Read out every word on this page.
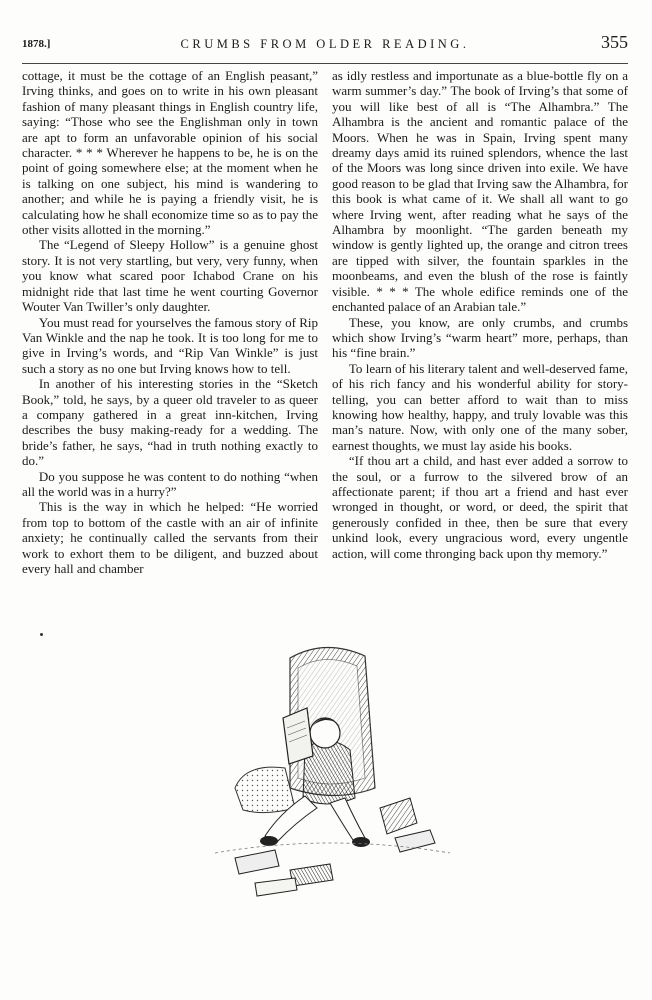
1878.]	CRUMBS FROM OLDER READING.	355

cottage, it must be the cottage of an English peasant,” Irving thinks, and goes on to write in his own pleasant fashion of many pleasant things in English country life, saying: “Those who see the Englishman only in town are apt to form an unfavorable opinion of his social character. * * * Wherever he happens to be, he is on the point of going somewhere else; at the moment when he is talking on one subject, his mind is wandering to another; and while he is paying a friendly visit, he is calculating how he shall economize time so as to pay the other visits allotted in the morning.”

The “Legend of Sleepy Hollow” is a genuine ghost story. It is not very startling, but very, very funny, when you know what scared poor Ichabod Crane on his midnight ride that last time he went courting Governor Wouter Van Twiller’s only daughter.

You must read for yourselves the famous story of Rip Van Winkle and the nap he took. It is too long for me to give in Irving’s words, and “Rip Van Winkle” is just such a story as no one but Irving knows how to tell.

In another of his interesting stories in the “Sketch Book,” told, he says, by a queer old traveler to as queer a company gathered in a great inn-kitchen, Irving describes the busy making-ready for a wedding. The bride’s father, he says, “had in truth nothing exactly to do.”

Do you suppose he was content to do nothing “when all the world was in a hurry?”

This is the way in which he helped: “He worried from top to bottom of the castle with an air of infinite anxiety; he continually called the servants from their work to exhort them to be diligent, and buzzed about every hall and chamber

as idly restless and importunate as a blue-bottle fly on a warm summer’s day.” The book of Irving’s that some of you will like best of all is “The Alhambra.” The Alhambra is the ancient and romantic palace of the Moors. When he was in Spain, Irving spent many dreamy days amid its ruined splendors, whence the last of the Moors was long since driven into exile. We have good reason to be glad that Irving saw the Alhambra, for this book is what came of it. We shall all want to go where Irving went, after reading what he says of the Alhambra by moonlight. “The garden beneath my window is gently lighted up, the orange and citron trees are tipped with silver, the fountain sparkles in the moonbeams, and even the blush of the rose is faintly visible. * * * The whole edifice reminds one of the enchanted palace of an Arabian tale.”

These, you know, are only crumbs, and crumbs which show Irving’s “warm heart” more, perhaps, than his “fine brain.”

To learn of his literary talent and well-deserved fame, of his rich fancy and his wonderful ability for story-telling, you can better afford to wait than to miss knowing how healthy, happy, and truly lovable was this man’s nature. Now, with only one of the many sober, earnest thoughts, we must lay aside his books.

“If thou art a child, and hast ever added a sorrow to the soul, or a furrow to the silvered brow of an affectionate parent; if thou art a friend and hast ever wronged in thought, or word, or deed, the spirit that generously confided in thee, then be sure that every unkind look, every ungracious word, every ungentle action, will come thronging back upon thy memory.”
